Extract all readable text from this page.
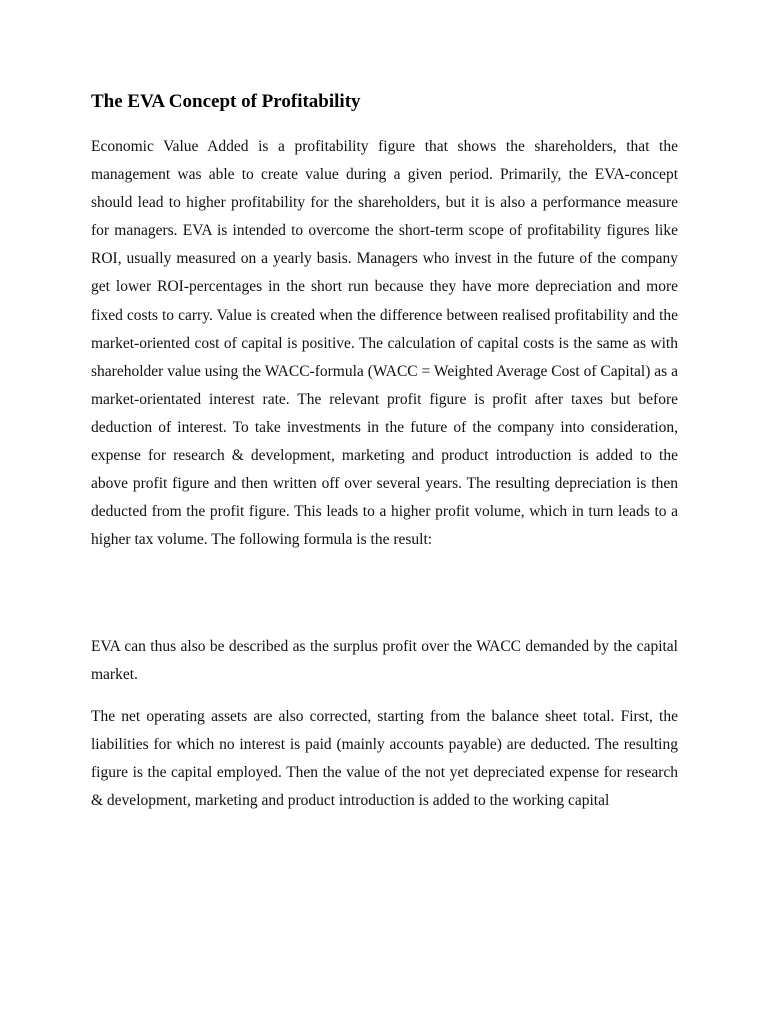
The EVA Concept of Profitability

Economic Value Added is a profitability figure that shows the shareholders, that the management was able to create value during a given period. Primarily, the EVA-concept should lead to higher profitability for the shareholders, but it is also a performance measure for managers. EVA is intended to overcome the short-term scope of profitability figures like ROI, usually measured on a yearly basis. Managers who invest in the future of the company get lower ROI-percentages in the short run because they have more depreciation and more fixed costs to carry. Value is created when the difference between realised profitability and the market-oriented cost of capital is positive. The calculation of capital costs is the same as with shareholder value using the WACC-formula (WACC = Weighted Average Cost of Capital) as a market-orientated interest rate. The relevant profit figure is profit after taxes but before deduction of interest. To take investments in the future of the company into consideration, expense for research & development, marketing and product introduction is added to the above profit figure and then written off over several years. The resulting depreciation is then deducted from the profit figure. This leads to a higher profit volume, which in turn leads to a higher tax volume. The following formula is the result:

EVA can thus also be described as the surplus profit over the WACC demanded by the capital market.

The net operating assets are also corrected, starting from the balance sheet total. First, the liabilities for which no interest is paid (mainly accounts payable) are deducted. The resulting figure is the capital employed. Then the value of the not yet depreciated expense for research & development, marketing and product introduction is added to the working capital
